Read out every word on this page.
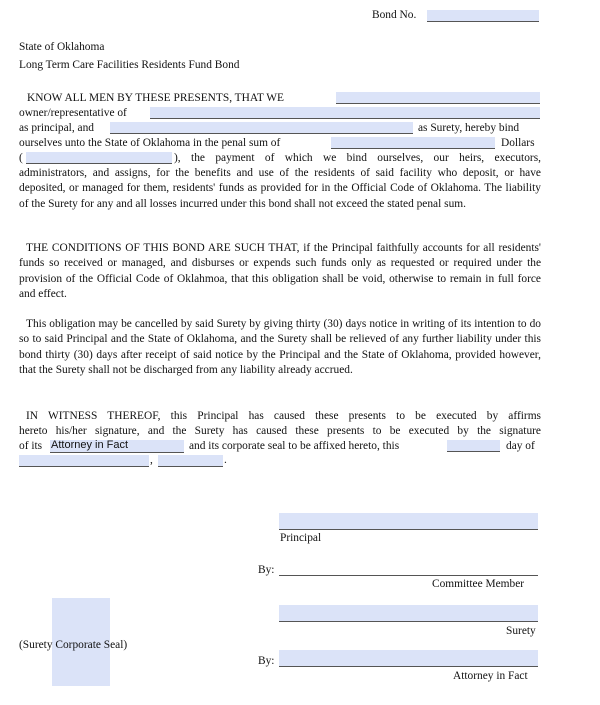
Bond No.
State of Oklahoma
Long Term Care Facilities Residents Fund Bond
KNOW ALL MEN BY THESE PRESENTS, THAT WE
owner/representative of
as principal, and	as Surety, hereby bind
ourselves unto the State of Oklahoma in the penal sum of	Dollars
(	), the payment of which we bind ourselves, our heirs, executors,
administrators, and assigns, for the benefits and use of the residents of said facility who deposit, or have deposited, or managed for them, residents' funds as provided for in the Official Code of Oklahoma. The liability of the Surety for any and all losses incurred under this bond shall not exceed the stated penal sum.
THE CONDITIONS OF THIS BOND ARE SUCH THAT, if the Principal faithfully accounts for all residents' funds so received or managed, and disburses or expends such funds only as requested or required under the provision of the Official Code of Oklahmoa, that this obligation shall be void, otherwise to remain in full force and effect.
This obligation may be cancelled by said Surety by giving thirty (30) days notice in writing of its intention to do so to said Principal and the State of Oklahoma, and the Surety shall be relieved of any further liability under this bond thirty (30) days after receipt of said notice by the Principal and the State of Oklahoma, provided however, that the Surety shall not be discharged from any liability already accrued.
IN WITNESS THEREOF, this Principal has caused these presents to be executed by affirms
hereto his/her signature, and the Surety has caused these presents to be executed by the signature
of its Attorney in Fact	and its corporate seal to be affixed hereto, this	day of
,	.
Principal
By:
Committee Member
Surety
(Surety Corporate Seal)
By:
Attorney in Fact
